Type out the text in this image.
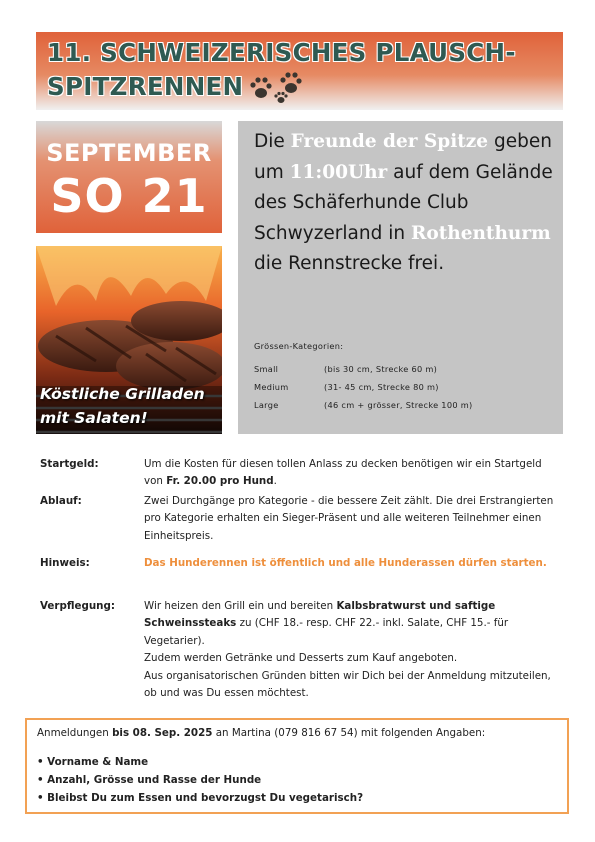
11. SCHWEIZERISCHES PLAUSCH-SPITZRENNEN
SEPTEMBER
SO 21
Köstliche Grilladen
mit Salaten!
Die Freunde der Spitze geben um 11:00Uhr auf dem Gelände des Schäferhunde Club Schwyzerland in Rothenthurm die Rennstrecke frei.
Grössen-Kategorien:
Small	(bis 30 cm, Strecke 60 m)
Medium	(31- 45 cm, Strecke 80 m)
Large	(46 cm + grösser, Strecke 100 m)
Startgeld:	Um die Kosten für diesen tollen Anlass zu decken benötigen wir ein Startgeld von Fr. 20.00 pro Hund.
Ablauf:	Zwei Durchgänge pro Kategorie - die bessere Zeit zählt. Die drei Erstrangierten pro Kategorie erhalten ein Sieger-Präsent und alle weiteren Teilnehmer einen Einheitspreis.
Hinweis:	Das Hunderennen ist öffentlich und alle Hunderassen dürfen starten.
Verpflegung:	Wir heizen den Grill ein und bereiten Kalbsbratwurst und saftige Schweinssteaks zu (CHF 18.- resp. CHF 22.- inkl. Salate, CHF 15.- für Vegetarier).
Zudem werden Getränke und Desserts zum Kauf angeboten.
Aus organisatorischen Gründen bitten wir Dich bei der Anmeldung mitzuteilen, ob und was Du essen möchtest.
Anmeldungen bis 08. Sep. 2025 an Martina (079 816 67 54) mit folgenden Angaben:
• Vorname & Name
• Anzahl, Grösse und Rasse der Hunde
• Bleibst Du zum Essen und bevorzugst Du vegetarisch?
